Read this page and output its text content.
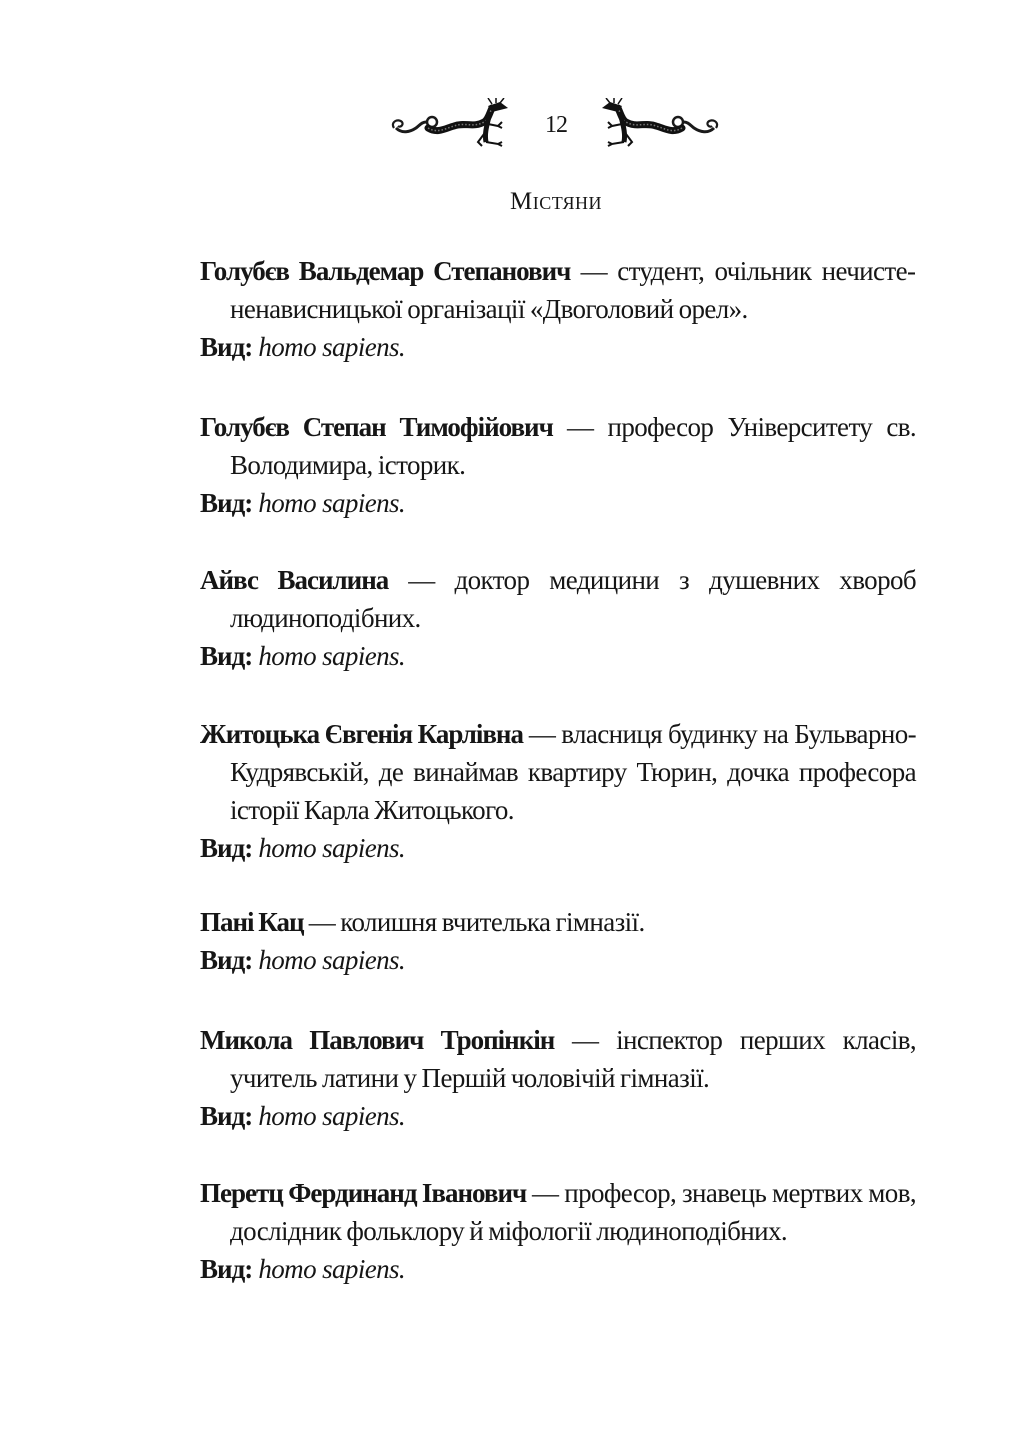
12
Містяни
Голубєв Вальдемар Степанович — студент, очільник нечистененависницької організації «Двоголовий орел».
Вид: homo sapiens.
Голубєв Степан Тимофійович — професор Університету св. Володимира, історик.
Вид: homo sapiens.
Айвс Василина — доктор медицини з душевних хвороб людиноподібних.
Вид: homo sapiens.
Житоцька Євгенія Карлівна — власниця будинку на Бульварно-Кудрявській, де винаймав квартиру Тюрин, дочка професора історії Карла Житоцького.
Вид: homo sapiens.
Пані Кац — колишня вчителька гімназії.
Вид: homo sapiens.
Микола Павлович Тропінкін — інспектор перших класів, учитель латини у Першій чоловічій гімназії.
Вид: homo sapiens.
Перетц Фердинанд Іванович — професор, знавець мертвих мов, дослідник фольклору й міфології людиноподібних.
Вид: homo sapiens.
